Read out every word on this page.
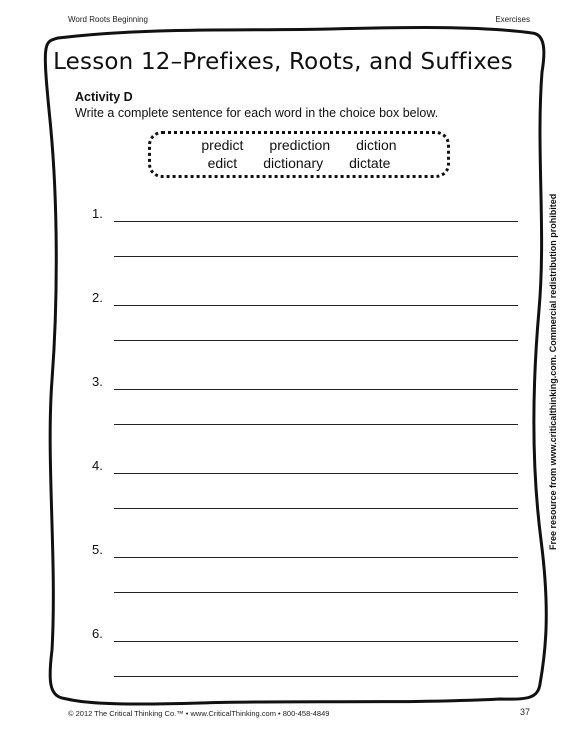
Word Roots Beginning	Exercises
Lesson 12–Prefixes, Roots, and Suffixes
Activity D
Write a complete sentence for each word in the choice box below.
predict prediction diction
edict dictionary dictate
1.
2.
3.
4.
5.
6.
Free resource from www.criticalthinking.com. Commercial redistribution prohibited
© 2012 The Critical Thinking Co.™ • www.CriticalThinking.com • 800-458-4849	37
